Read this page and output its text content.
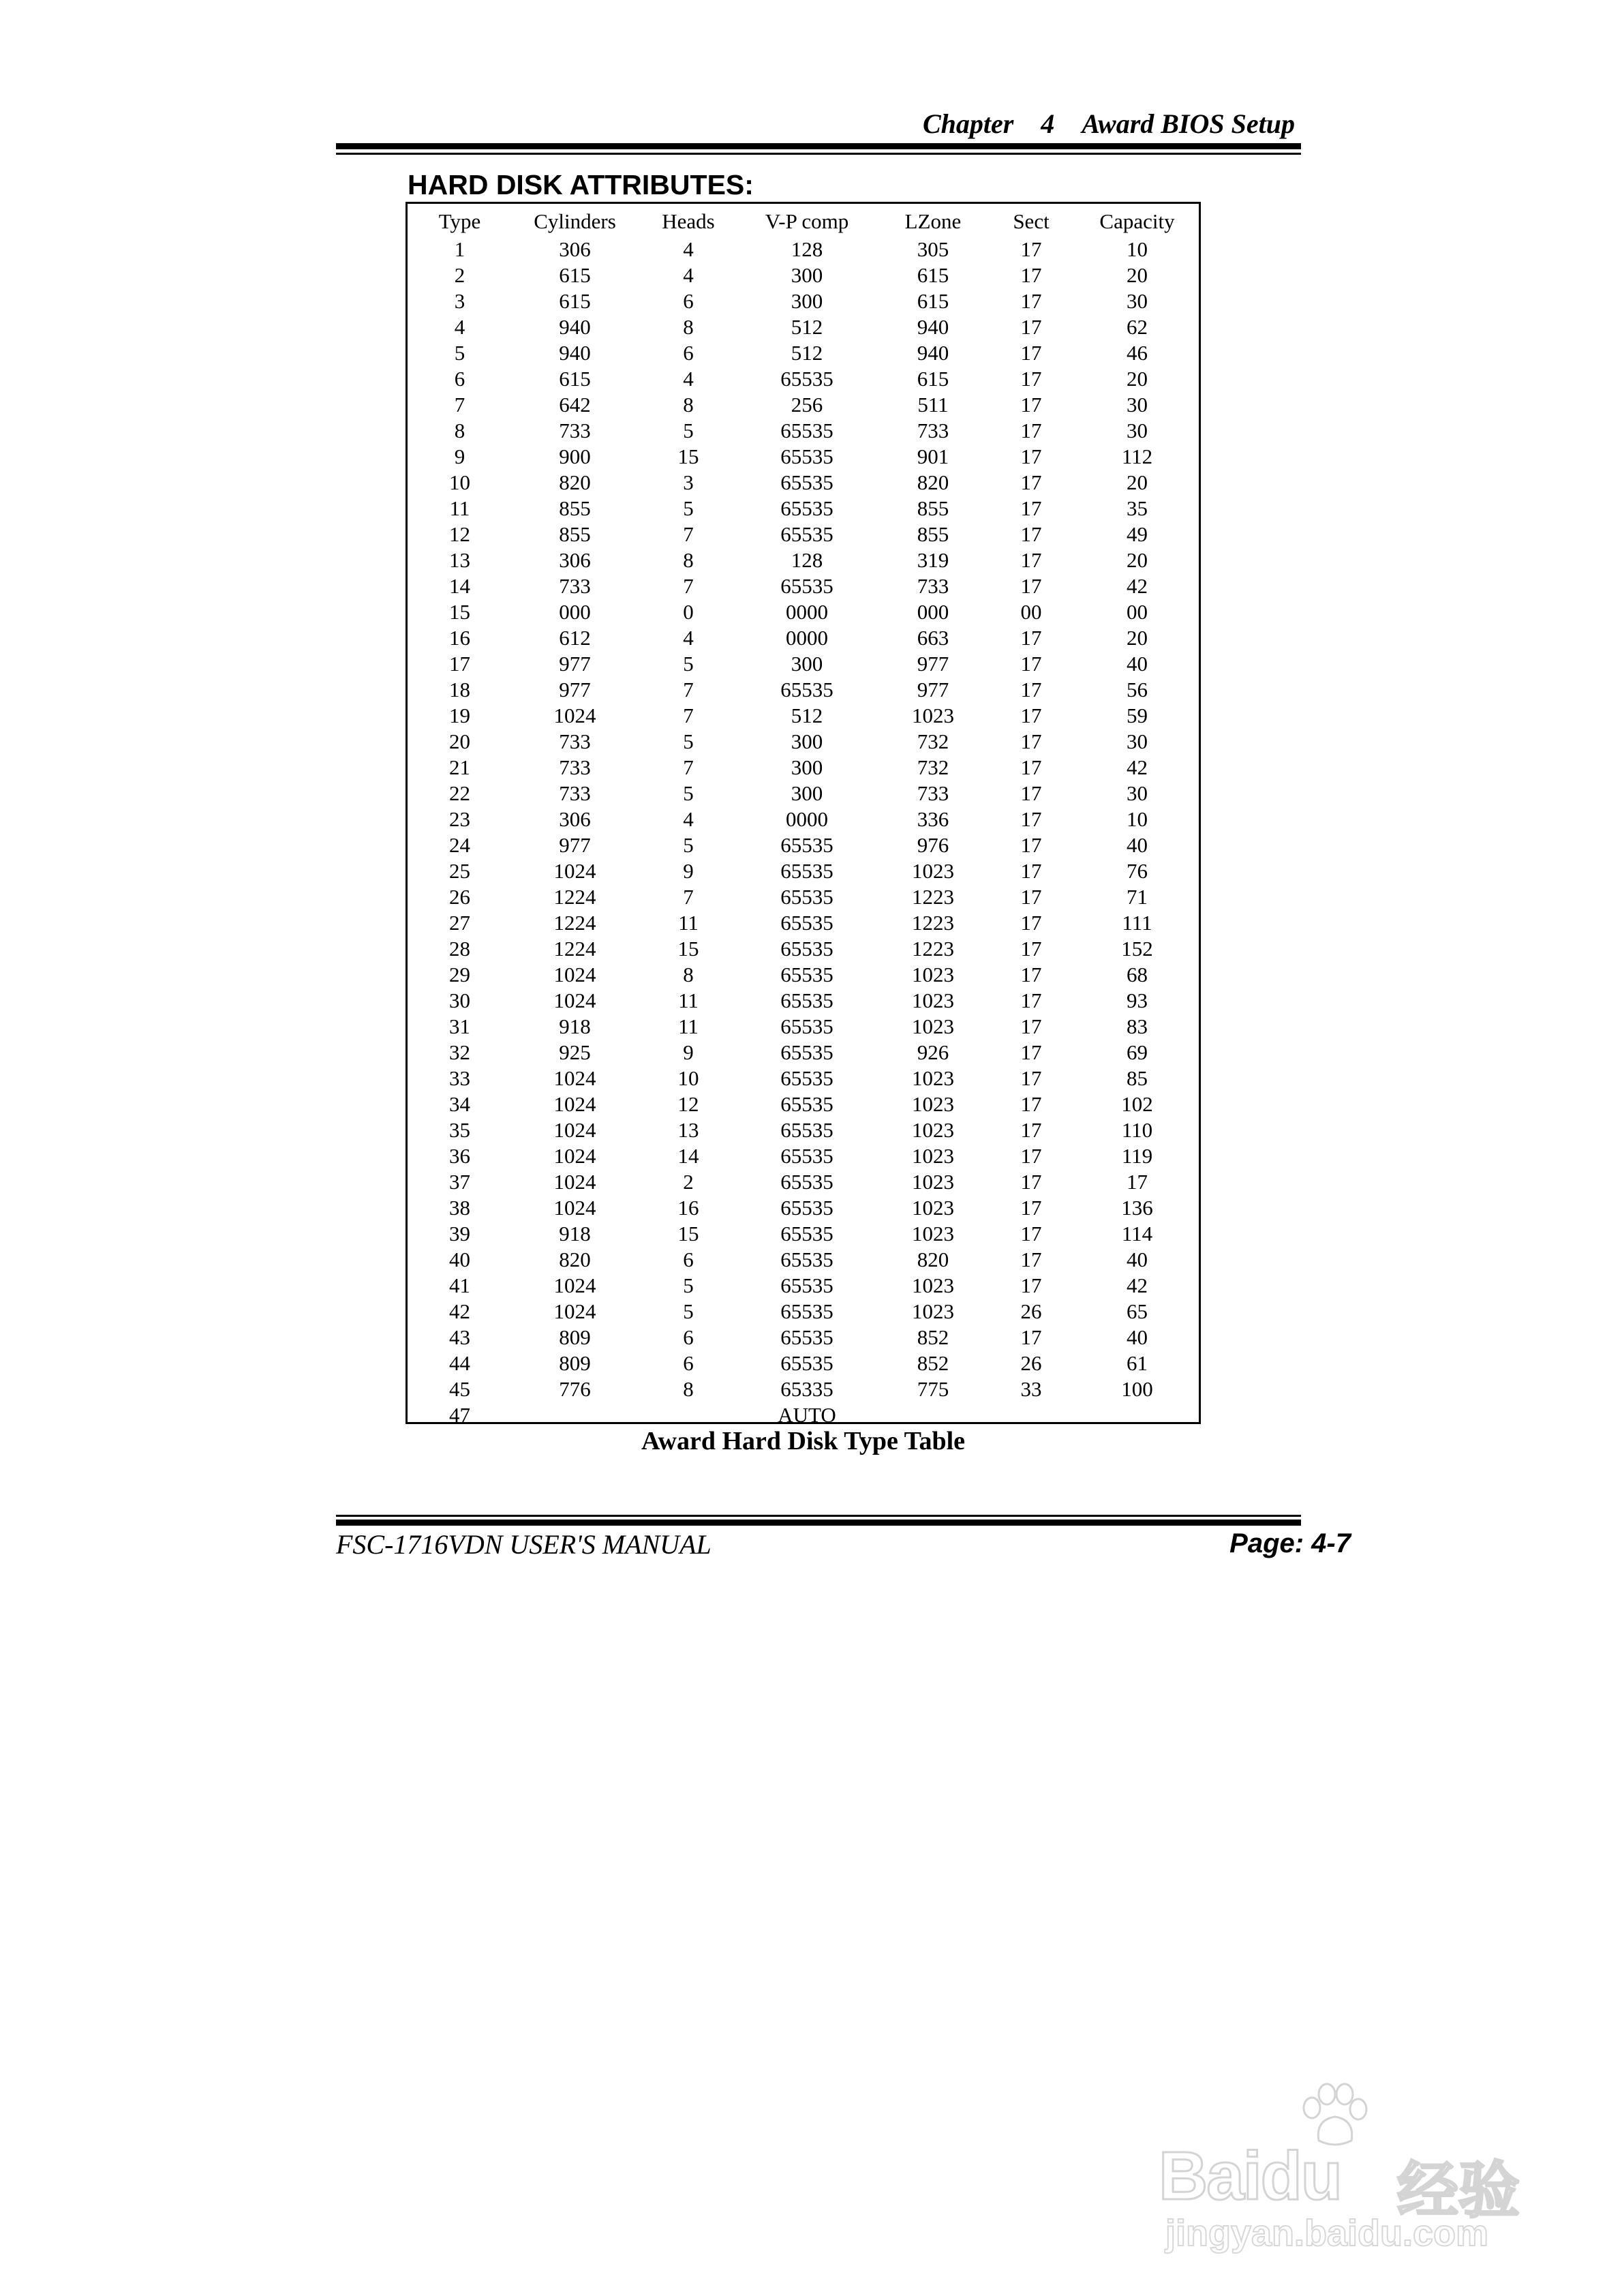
Chapter 4 Award BIOS Setup
HARD DISK ATTRIBUTES:
Type	Cylinders	Heads	V-P comp	LZone	Sect	Capacity
1	306	4	128	305	17	10
2	615	4	300	615	17	20
3	615	6	300	615	17	30
4	940	8	512	940	17	62
5	940	6	512	940	17	46
6	615	4	65535	615	17	20
7	642	8	256	511	17	30
8	733	5	65535	733	17	30
9	900	15	65535	901	17	112
10	820	3	65535	820	17	20
11	855	5	65535	855	17	35
12	855	7	65535	855	17	49
13	306	8	128	319	17	20
14	733	7	65535	733	17	42
15	000	0	0000	000	00	00
16	612	4	0000	663	17	20
17	977	5	300	977	17	40
18	977	7	65535	977	17	56
19	1024	7	512	1023	17	59
20	733	5	300	732	17	30
21	733	7	300	732	17	42
22	733	5	300	733	17	30
23	306	4	0000	336	17	10
24	977	5	65535	976	17	40
25	1024	9	65535	1023	17	76
26	1224	7	65535	1223	17	71
27	1224	11	65535	1223	17	111
28	1224	15	65535	1223	17	152
29	1024	8	65535	1023	17	68
30	1024	11	65535	1023	17	93
31	918	11	65535	1023	17	83
32	925	9	65535	926	17	69
33	1024	10	65535	1023	17	85
34	1024	12	65535	1023	17	102
35	1024	13	65535	1023	17	110
36	1024	14	65535	1023	17	119
37	1024	2	65535	1023	17	17
38	1024	16	65535	1023	17	136
39	918	15	65535	1023	17	114
40	820	6	65535	820	17	40
41	1024	5	65535	1023	17	42
42	1024	5	65535	1023	26	65
43	809	6	65535	852	17	40
44	809	6	65535	852	26	61
45	776	8	65335	775	33	100
47			AUTO			
Award Hard Disk Type Table
FSC-1716VDN USER'S MANUAL	Page: 4-7
Baidu 经验
jingyan.baidu.com
